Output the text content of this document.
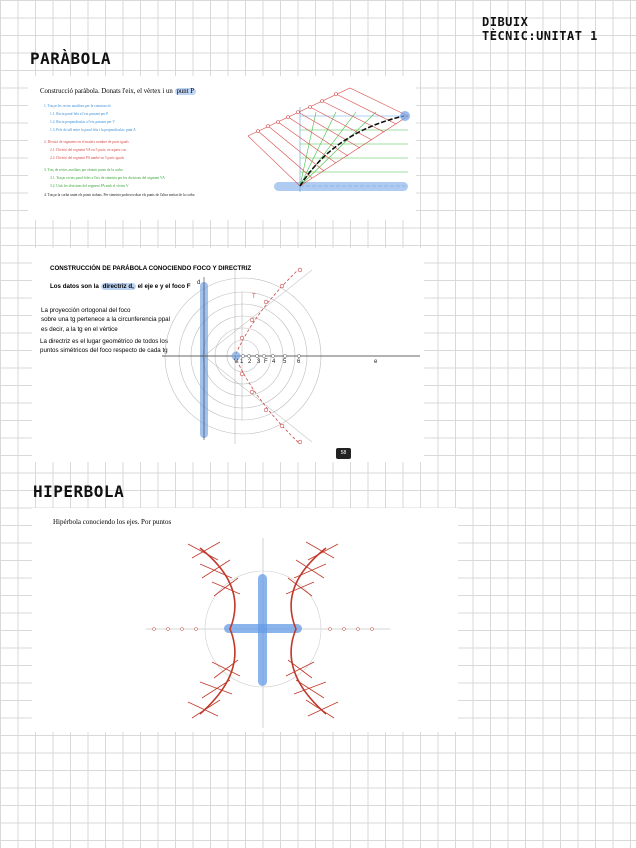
DIBUIX TÈCNIC:UNITAT 1
PARÀBOLA
Construcció paràbola. Donats l'eix, el vèrtex i un punt P
1. Traçar les rectes auxiliars per la construcció
1.1. Recta paral·lela a l'eix passant per P
1.2. Recta perpendicular a l'eix passant per V
1.3. Pels de tall entre la paral·lela i la perpendicular: punt A
2. Divisió de segments en el mateix nombre de parts iguals
2.1. Divisió del segment VA en 5 parts, en aquest cas
2.2. Divisió del segment PA també en 5 parts iguals
3. Traç de rectes auxiliars per obtenir punts de la corba
3.1. Traçar rectes paral·leles a l'eix de simetria per les divisions del segment VA
3.2. Unir les divisions del segment PA amb el vèrtex V
4. Traçar la corba unint els punts trobats. Per simetria podreu trobar els punts de l'altra meitat de la corba
CONSTRUCCIÓN DE PARÁBOLA CONOCIENDO FOCO Y DIRECTRIZ
Los datos son la directriz d, el eje e y el foco F
La proyección ortogonal del foco
sobre una tg pertenece a la circunferencia ppal
es decir, a la tg en el vértice
La directriz es el lugar geométrico de todos los
puntos simétricos del foco respecto de cada tg
d
e
T
V 1 2 3 F 4 5 6
58
HIPERBOLA
Hipérbola conociendo los ejes. Por puntos
